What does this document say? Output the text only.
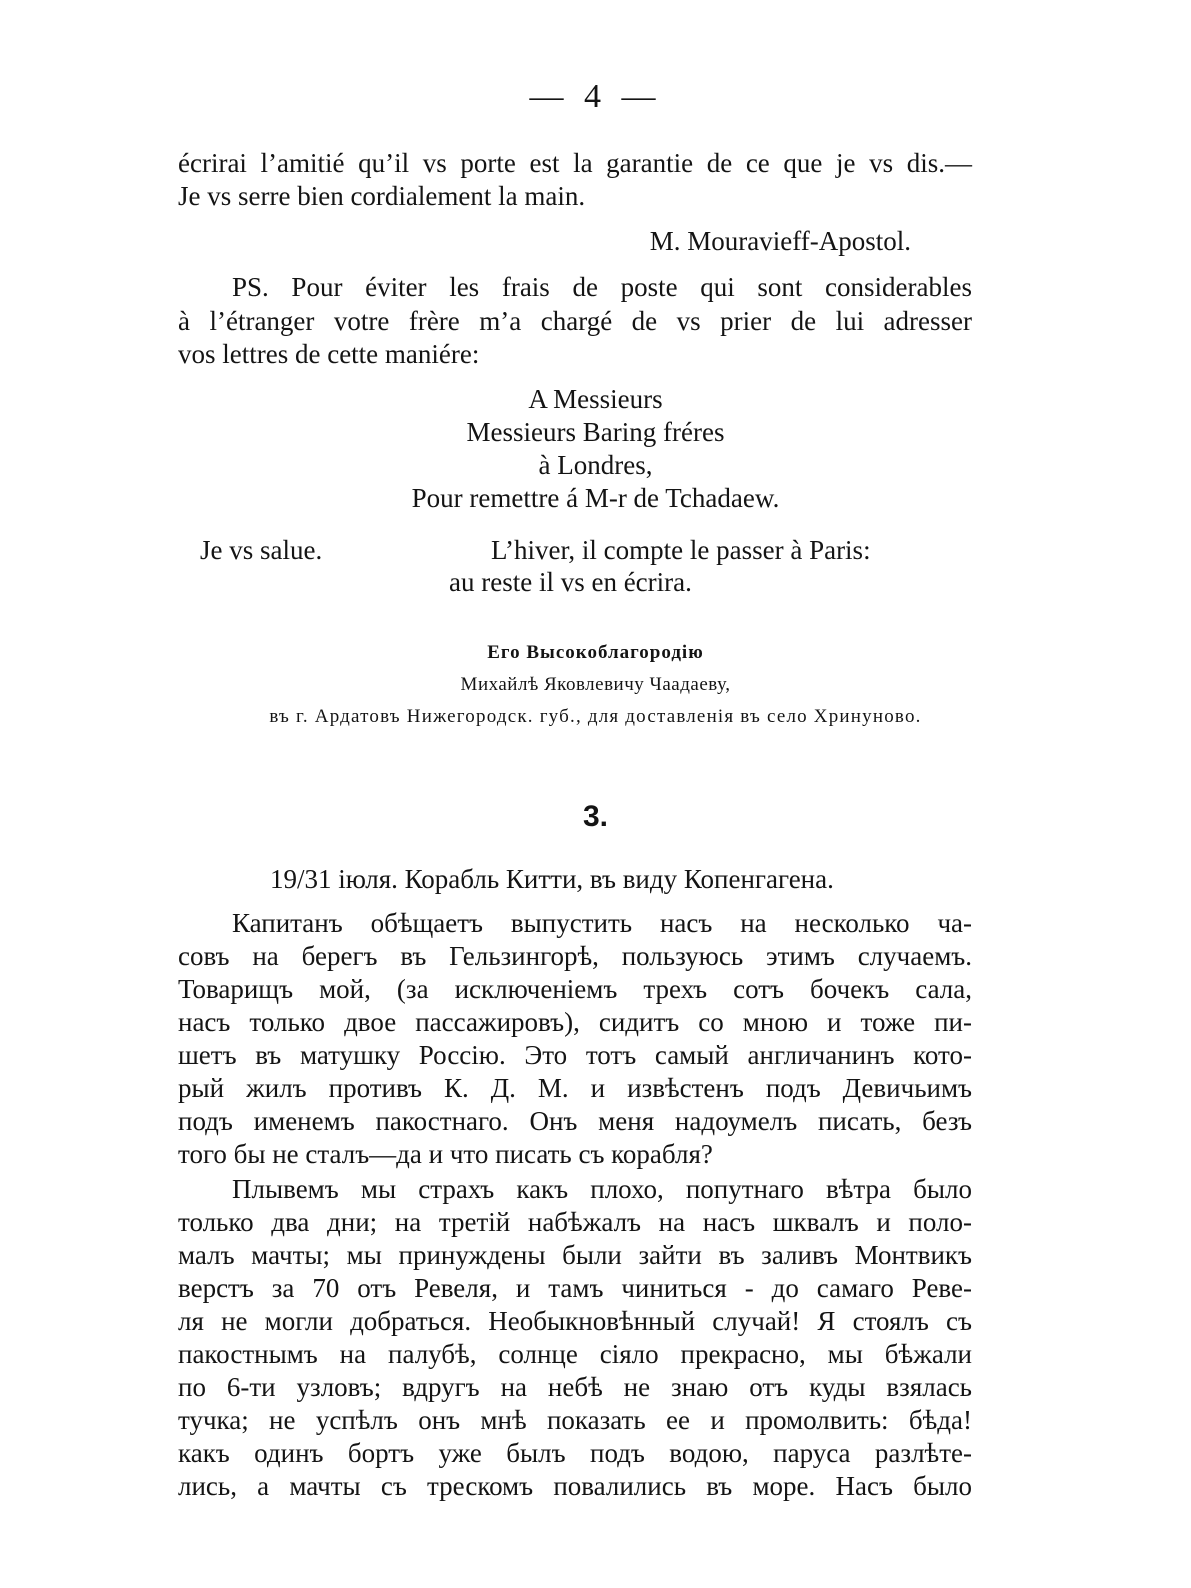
— 4 —
écrirai l’amitié qu’il vs porte est la garantie de ce que je vs dis.—
Je vs serre bien cordialement la main.
M. Mouravieff-Apostol.
PS. Pour éviter les frais de poste qui sont considerables
à l’étranger votre frère m’a chargé de vs prier de lui adresser
vos lettres de cette maniére:
A Messieurs
Messieurs Baring fréres
à Londres,
Pour remettre á M-r de Tchadaew.
Je vs salue.	L’hiver, il compte le passer à Paris:
au reste il vs en écrira.
Его Высокоблагородію
Михайлѣ Яковлевичу Чаадаеву,
въ г. Ардатовъ Нижегородск. губ., для доставленія въ село Хринуново.
3.
19/31 іюля. Корабль Китти, въ виду Копенгагена.
Капитанъ обѣщаетъ выпустить насъ на несколько ча-
совъ на берегъ въ Гельзингорѣ, пользуюсь этимъ случаемъ.
Товарищъ мой, (за исключеніемъ трехъ сотъ бочекъ сала,
насъ только двое пассажировъ), сидитъ со мною и тоже пи-
шетъ въ матушку Россію. Это тотъ самый англичанинъ кото-
рый жилъ противъ К. Д. М. и извѣстенъ подъ Девичьимъ
подъ именемъ пакостнаго. Онъ меня надоумелъ писать, безъ
того бы не сталъ—да и что писать съ корабля?
Плывемъ мы страхъ какъ плохо, попутнаго вѣтра было
только два дни; на третій набѣжалъ на насъ шквалъ и поло-
малъ мачты; мы принуждены были зайти въ заливъ Монтвикъ
верстъ за 70 отъ Ревеля, и тамъ чиниться - до самаго Реве-
ля не могли добраться. Необыкновѣнный случай! Я стоялъ съ
пакостнымъ на палубѣ, солнце сіяло прекрасно, мы бѣжали
по 6-ти узловъ; вдругъ на небѣ не знаю отъ куды взялась
тучка; не успѣлъ онъ мнѣ показать ее и промолвить: бѣда!
какъ одинъ бортъ уже былъ подъ водою, паруса разлѣте-
лись, а мачты съ трескомъ повалились въ море. Насъ было
